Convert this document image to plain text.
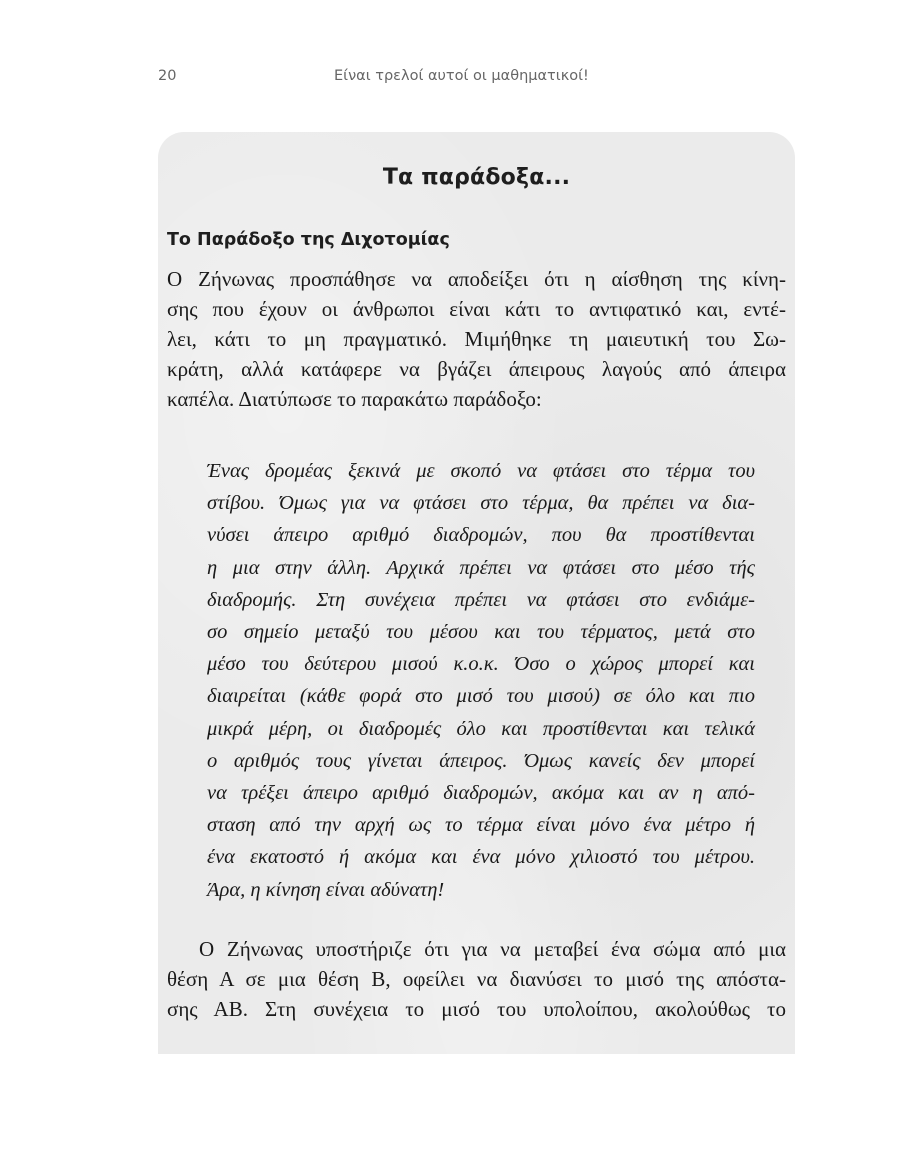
20	Είναι τρελοί αυτοί οι μαθηματικοί!
Τα παράδοξα...
Το Παράδοξο της Διχοτομίας
Ο Ζήνωνας προσπάθησε να αποδείξει ότι η αίσθηση της κίνη-
σης που έχουν οι άνθρωποι είναι κάτι το αντιφατικό και, εντέ-
λει, κάτι το μη πραγματικό. Μιμήθηκε τη μαιευτική του Σω-
κράτη, αλλά κατάφερε να βγάζει άπειρους λαγούς από άπειρα
καπέλα. Διατύπωσε το παρακάτω παράδοξο:
Ένας δρομέας ξεκινά με σκοπό να φτάσει στο τέρμα του
στίβου. Όμως για να φτάσει στο τέρμα, θα πρέπει να δια-
νύσει άπειρο αριθμό διαδρομών, που θα προστίθενται
η μια στην άλλη. Αρχικά πρέπει να φτάσει στο μέσο τής
διαδρομής. Στη συνέχεια πρέπει να φτάσει στο ενδιάμε-
σο σημείο μεταξύ του μέσου και του τέρματος, μετά στο
μέσο του δεύτερου μισού κ.ο.κ. Όσο ο χώρος μπορεί και
διαιρείται (κάθε φορά στο μισό του μισού) σε όλο και πιο
μικρά μέρη, οι διαδρομές όλο και προστίθενται και τελικά
ο αριθμός τους γίνεται άπειρος. Όμως κανείς δεν μπορεί
να τρέξει άπειρο αριθμό διαδρομών, ακόμα και αν η από-
σταση από την αρχή ως το τέρμα είναι μόνο ένα μέτρο ή
ένα εκατοστό ή ακόμα και ένα μόνο χιλιοστό του μέτρου.
Άρα, η κίνηση είναι αδύνατη!
Ο Ζήνωνας υποστήριζε ότι για να μεταβεί ένα σώμα από μια
θέση Α σε μια θέση Β, οφείλει να διανύσει το μισό της απόστα-
σης ΑΒ. Στη συνέχεια το μισό του υπολοίπου, ακολούθως το
